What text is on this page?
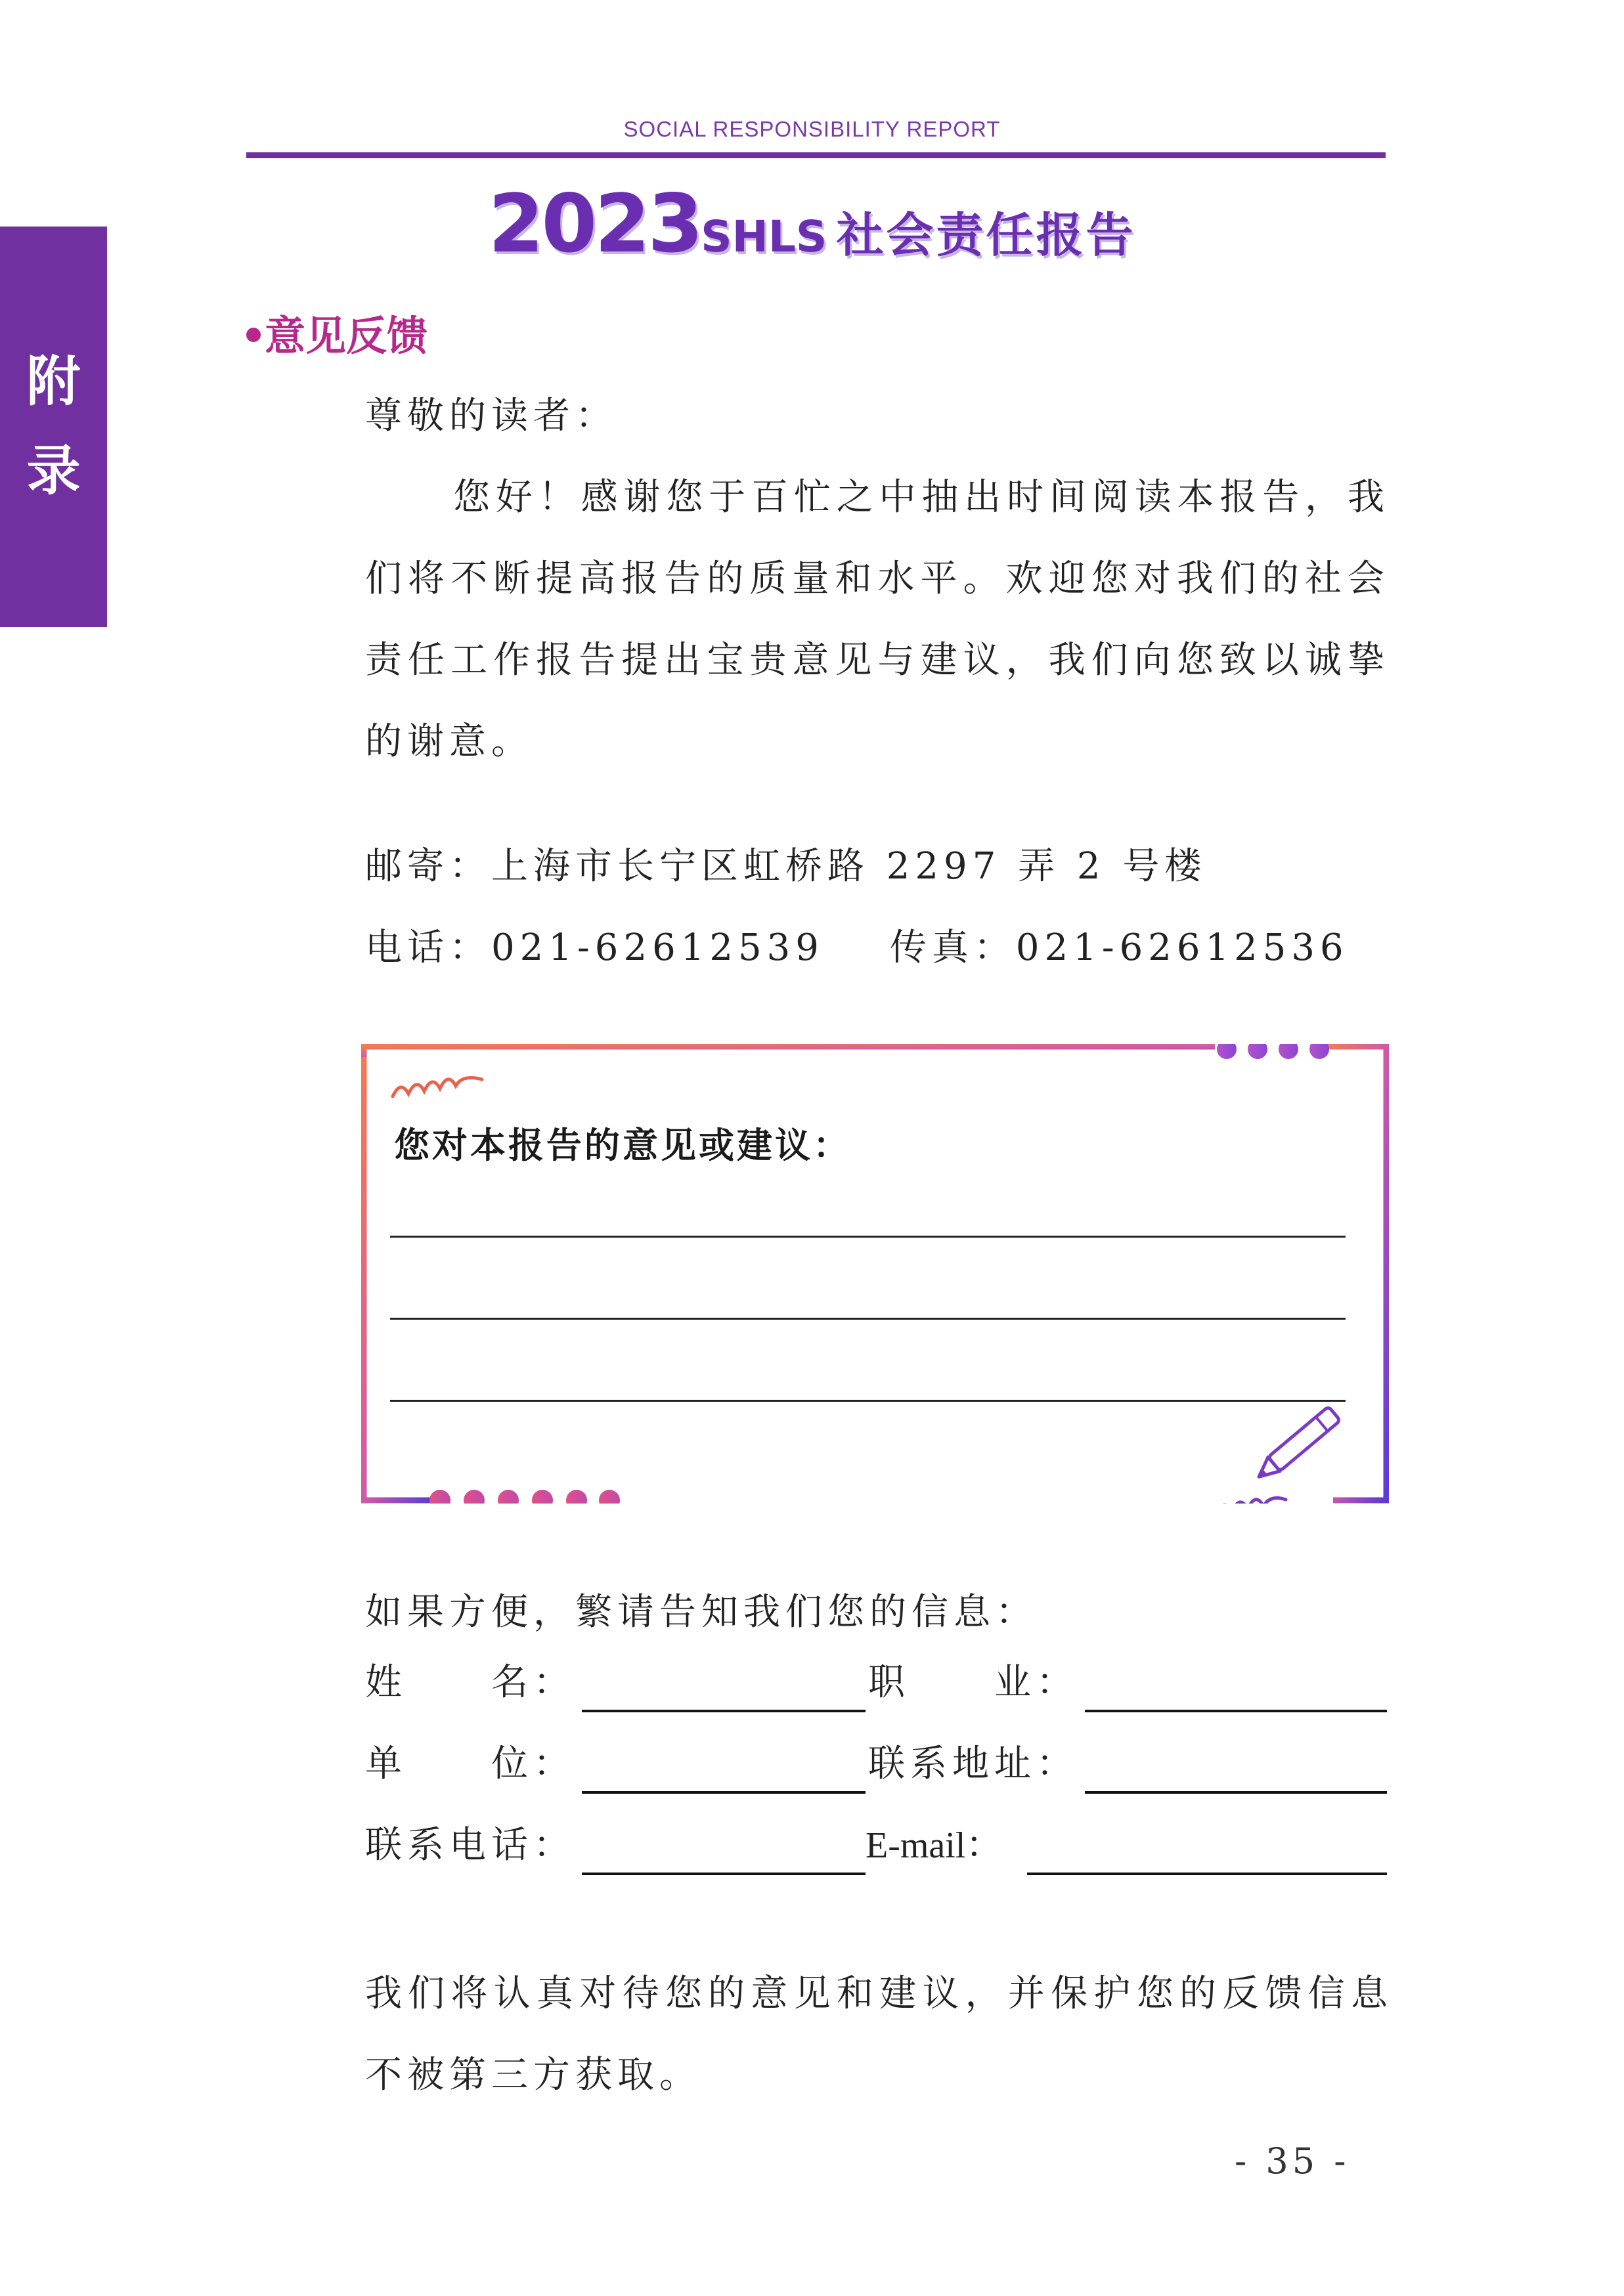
SOCIAL RESPONSIBILITY REPORT
2023SHLS 社会责任报告
附
录
意见反馈
尊敬的读者：
您好！感谢您于百忙之中抽出时间阅读本报告，我们将不断提高报告的质量和水平。欢迎您对我们的社会责任工作报告提出宝贵意见与建议，我们向您致以诚挚的谢意。
邮寄：上海市长宁区虹桥路 2297 弄 2 号楼
电话：021-62612539 传真：021-62612536
您对本报告的意见或建议：
如果方便，繁请告知我们您的信息：
姓　　名：	职　　业：
单　　位：	联系地址：
联系电话：	E-mail：
我们将认真对待您的意见和建议，并保护您的反馈信息不被第三方获取。
- 35 -
